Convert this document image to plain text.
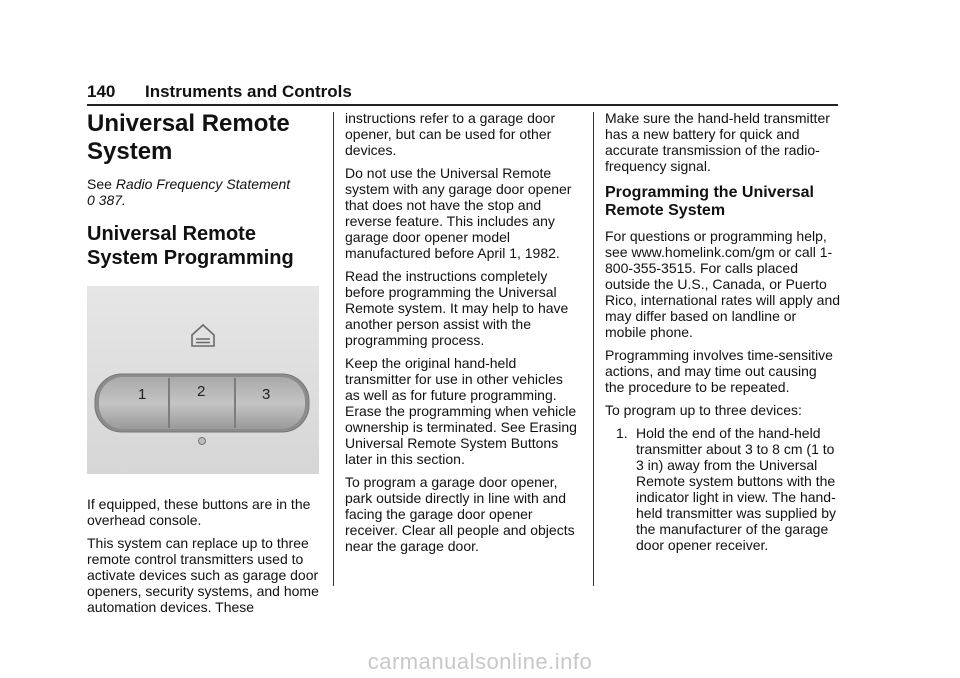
140 Instruments and Controls
Universal Remote System

See Radio Frequency Statement
0 387.

Universal Remote System Programming
1	2	3

If equipped, these buttons are in the overhead console.

This system can replace up to three remote control transmitters used to activate devices such as garage door openers, security systems, and home automation devices. These

instructions refer to a garage door opener, but can be used for other devices.

Do not use the Universal Remote system with any garage door opener that does not have the stop and reverse feature. This includes any garage door opener model manufactured before April 1, 1982.

Read the instructions completely before programming the Universal Remote system. It may help to have another person assist with the programming process.

Keep the original hand-held transmitter for use in other vehicles as well as for future programming. Erase the programming when vehicle ownership is terminated. See Erasing Universal Remote System Buttons later in this section.

To program a garage door opener, park outside directly in line with and facing the garage door opener receiver. Clear all people and objects near the garage door.

Make sure the hand-held transmitter has a new battery for quick and accurate transmission of the radio-frequency signal.

Programming the Universal Remote System

For questions or programming help, see www.homelink.com/gm or call 1-800-355-3515. For calls placed outside the U.S., Canada, or Puerto Rico, international rates will apply and may differ based on landline or mobile phone.

Programming involves time-sensitive actions, and may time out causing the procedure to be repeated.

To program up to three devices:

1. Hold the end of the hand-held transmitter about 3 to 8 cm (1 to 3 in) away from the Universal Remote system buttons with the indicator light in view. The hand-held transmitter was supplied by the manufacturer of the garage door opener receiver.
carmanualsonline.info
